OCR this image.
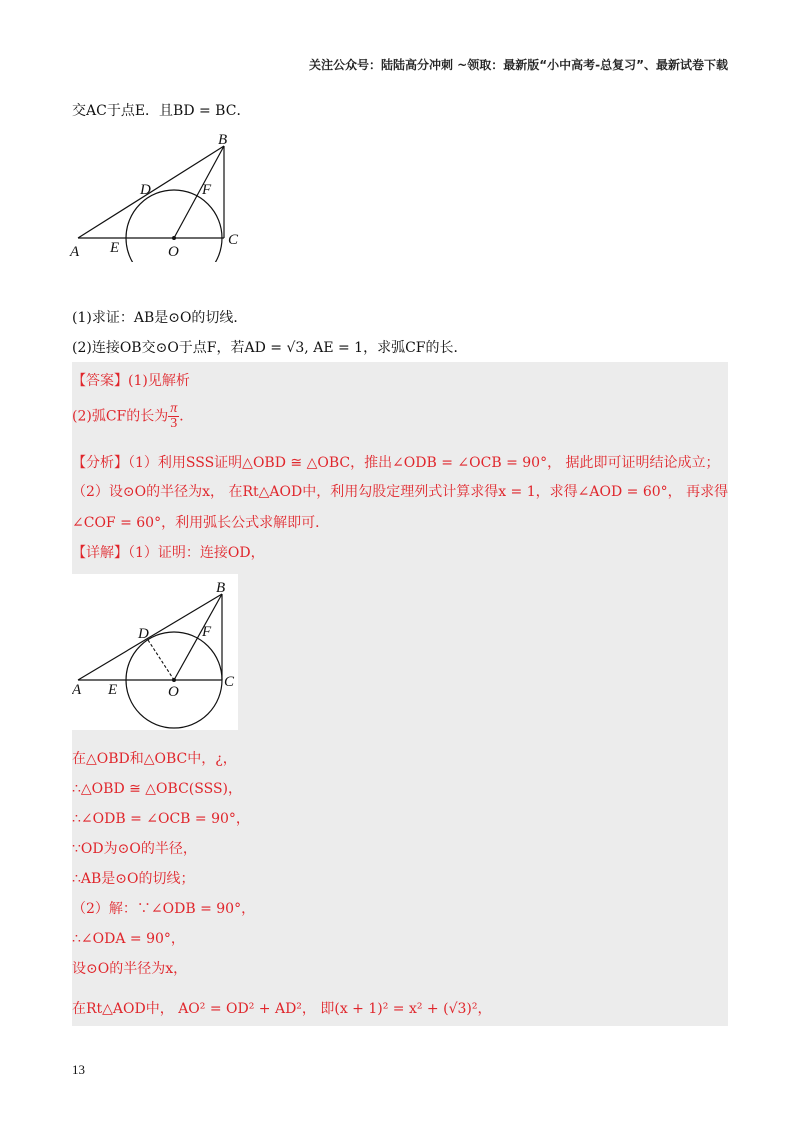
关注公众号：陆陆高分冲刺 ~领取：最新版“小中高考-总复习”、最新试卷下载
交AC于点E．且BD = BC．
B
D	F
A E	O
C
(1)求证：AB是⊙O的切线．
(2)连接OB交⊙O于点F，若AD = √3, AE = 1，求弧CF的长．
【答案】(1)见解析
(2)弧CF的长为 $\frac{\pi}{3}$ ．
【分析】（1）利用SSS证明△OBD ≅ △OBC，推出∠ODB = ∠OCB = 90°， 据此即可证明结论成立；
（2）设⊙O的半径为x， 在Rt△AOD中，利用勾股定理列式计算求得x = 1，求得∠AOD = 60°， 再求得
∠COF = 60°，利用弧长公式求解即可．
【详解】（1）证明：连接OD，
B
D	F
A E	O
C
在△OBD和△OBC中，¿，
∴△OBD ≅ △OBC(SSS)，
∴∠ODB = ∠OCB = 90°，
∵OD为⊙O的半径，
∴AB是⊙O的切线；
（2）解：∵∠ODB = 90°，
∴∠ODA = 90°，
设⊙O的半径为x，
在Rt△AOD中， AO² = OD² + AD²， 即(x + 1)² = x² + (√3)²，
13
